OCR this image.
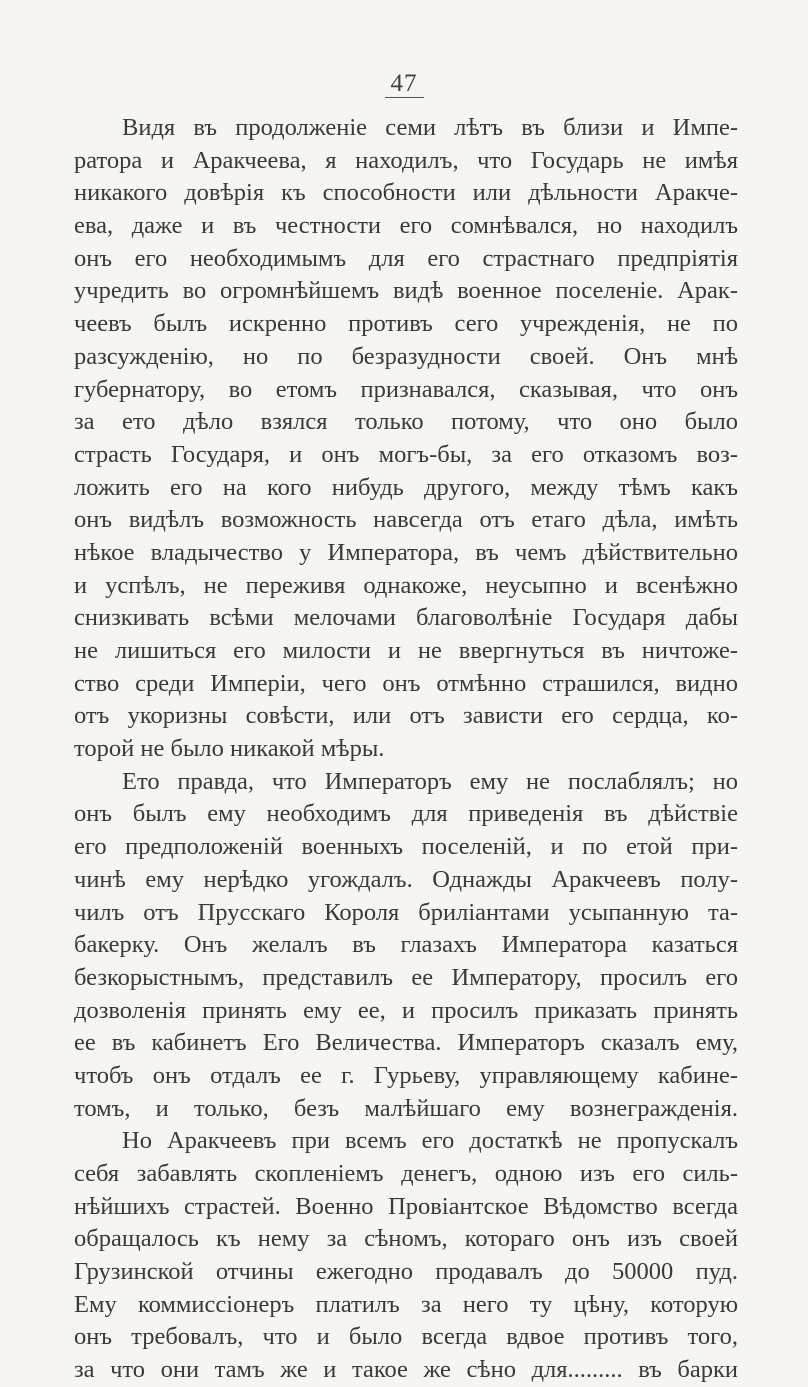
47
Видя въ продолженіе семи лѣтъ въ близи и Импе-
ратора и Аракчеева, я находилъ, что Государь не имѣя
никакого довѣрія къ способности или дѣльности Аракче-
ева, даже и въ честности его сомнѣвался, но находилъ
онъ его необходимымъ для его страстнаго предпріятія
учредить во огромнѣйшемъ видѣ военное поселеніе. Арак-
чеевъ былъ искренно противъ сего учрежденія, не по
разсужденію, но по безразудности своей. Онъ мнѣ
губернатору, во етомъ признавался, сказывая, что онъ
за ето дѣло взялся только потому, что оно было
страсть Государя, и онъ могъ-бы, за его отказомъ воз-
ложить его на кого нибудь другого, между тѣмъ какъ
онъ видѣлъ возможность навсегда отъ етаго дѣла, имѣть
нѣкое владычество у Императора, въ чемъ дѣйствительно
и успѣлъ, не переживя однакоже, неусыпно и всенѣжно
снизкивать всѣми мелочами благоволѣніе Государя дабы
не лишиться его милости и не ввергнуться въ ничтоже-
ство среди Имперіи, чего онъ отмѣнно страшился, видно
отъ укоризны совѣсти, или отъ зависти его сердца, ко-
торой не было никакой мѣры.
Ето правда, что Императоръ ему не послаблялъ; но
онъ былъ ему необходимъ для приведенія въ дѣйствіе
его предположеній военныхъ поселеній, и по етой при-
чинѣ ему нерѣдко угождалъ. Однажды Аракчеевъ полу-
чилъ отъ Прусскаго Короля бриліантами усыпанную та-
бакерку. Онъ желалъ въ глазахъ Императора казаться
безкорыстнымъ, представилъ ее Императору, просилъ его
дозволенія принять ему ее, и просилъ приказать принять
ее въ кабинетъ Его Величества. Императоръ сказалъ ему,
чтобъ онъ отдалъ ее г. Гурьеву, управляющему кабине-
томъ, и только, безъ малѣйшаго ему вознегражденія.
Но Аракчеевъ при всемъ его достаткѣ не пропускалъ
себя забавлять скопленіемъ денегъ, одною изъ его силь-
нѣйшихъ страстей. Военно Провіантское Вѣдомство всегда
обращалось къ нему за сѣномъ, котораго онъ изъ своей
Грузинской отчины ежегодно продавалъ до 50000 пуд.
Ему коммиссіонеръ платилъ за него ту цѣну, которую
онъ требовалъ, что и было всегда вдвое противъ того,
за что они тамъ же и такое же сѣно для......... въ барки
